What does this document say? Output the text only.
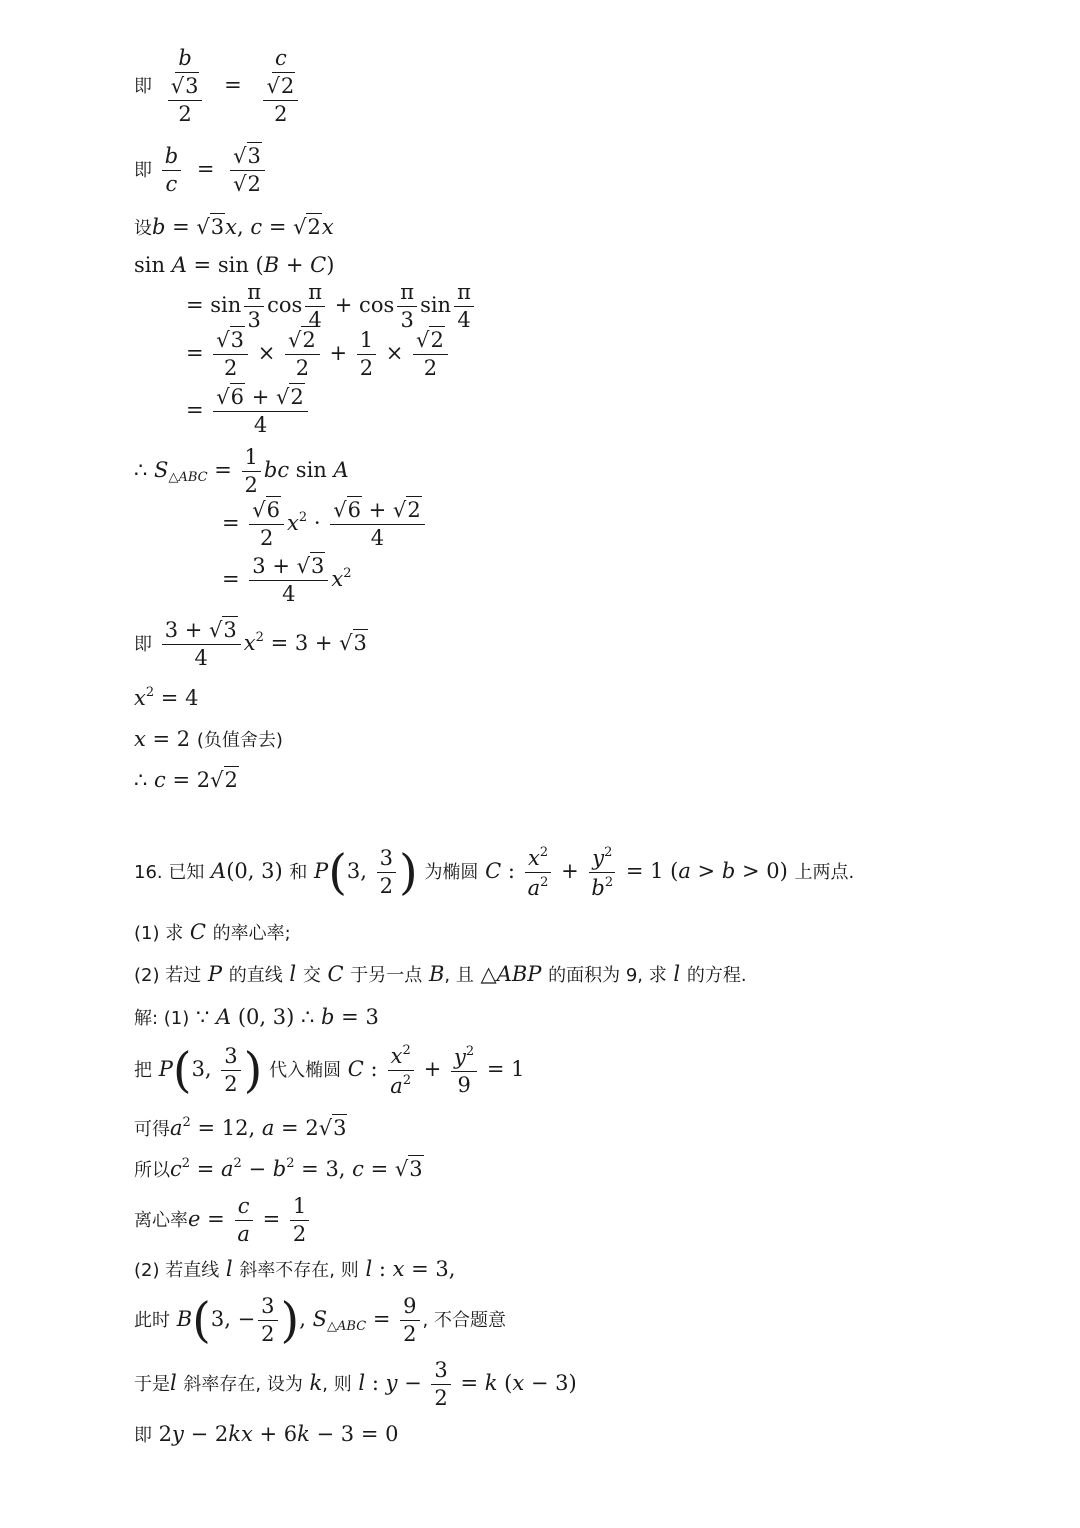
即 $\frac{b}{\frac{√3}{2}} = \frac{c}{\frac{√2}{2}}$
即 $\frac{b}{c} = \frac{√3}{√2}$
设b = √3x, c = √2x
sin A = sin (B + C)
= $\sin \frac{\pi}{3}$ $\cos \frac{\pi}{4} + \cos \frac{\pi}{3}$ $\sin \frac{\pi}{4}$
= $\frac{√3}{2} \times \frac{√2}{2} + \frac{1}{2} \times \frac{√2}{2}$
= $\frac{√6 + √2}{4}$
∴ $S_{\triangle ABC} = \frac{1}{2}$ bc sin A
= $\frac{√6}{2} x^2 \cdot \frac{√6 + √2}{4}$
= $\frac{3 + √3}{4} x^2$
即 $\frac{3 + √3}{4} x^2 = 3 + √3$
$x^2 = 4$
x = 2 (负值舍去)
∴ c = 2√2
16. 已知 A(0, 3) 和 P(3, $\frac{3}{2}$ ) 为椭圆 C : $\frac{x^2}{a^2} + \frac{y^2}{b^2} = 1$ (a > b > 0) 上两点.
(1) 求 C 的率心率;
(2) 若过 P 的直线 l 交 C 于另一点 B, 且 △ABP 的面积为 9, 求 l 的方程.
解: (1) ∵ A (0, 3) ∴ b = 3
把 P(3, $\frac{3}{2}$ ) 代入椭圆 C : $\frac{x^2}{a^2} + \frac{y^2}{9} = 1$
可得$a^2 = 12$, a = 2√3
所以$c^2 = a^2 - b^2 = 3$, c = √3
离心率$e = \frac{c}{a} = \frac{1}{2}$
(2) 若直线 l 斜率不存在, 则 l : x = 3,
此时 B(3, − $\frac{3}{2}$ ), $S_{\triangle ABC} = \frac{9}{2}$ , 不合题意
于是l 斜率存在, 设为 k, 则 l : $y - \frac{3}{2} = k$ (x − 3)
即 2y − 2kx + 6k − 3 = 0
